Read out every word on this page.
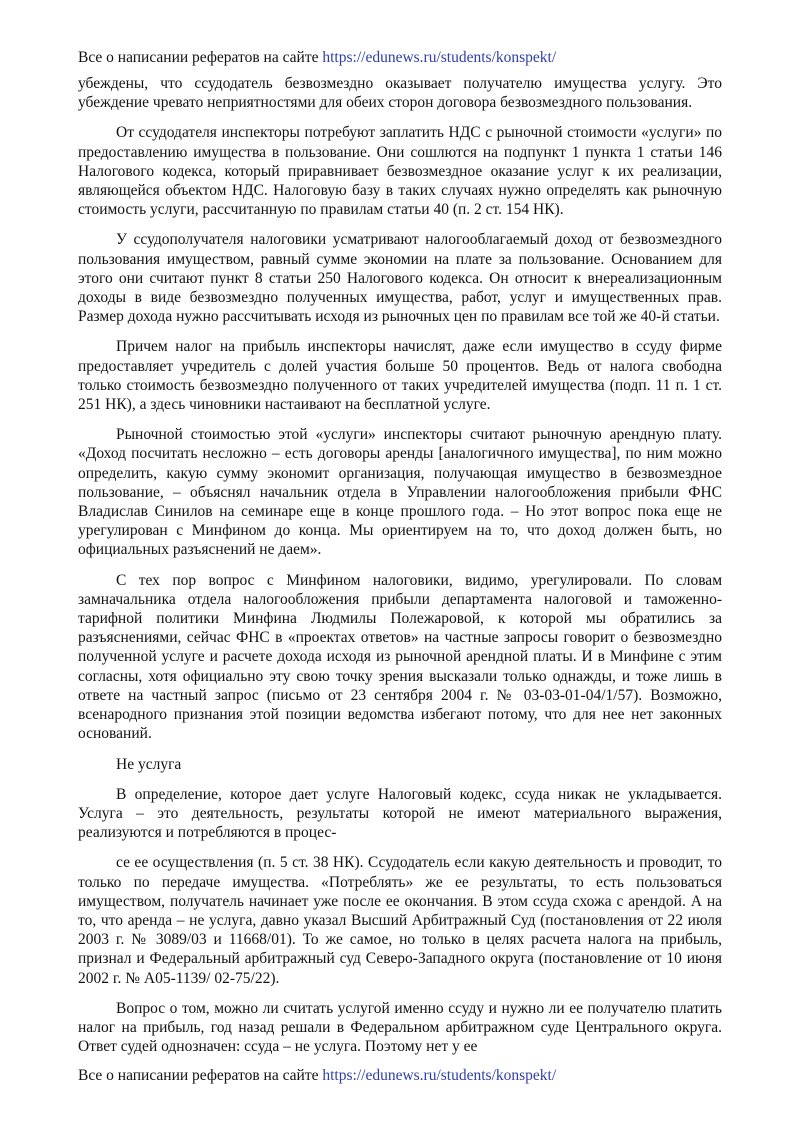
Все о написании рефератов на сайте https://edunews.ru/students/konspekt/

убеждены, что ссудодатель безвозмездно оказывает получателю имущества услугу. Это убеждение чревато неприятностями для обеих сторон договора безвозмездного пользования.

От ссудодателя инспекторы потребуют заплатить НДС с рыночной стоимости «услуги» по предоставлению имущества в пользование. Они сошлются на подпункт 1 пункта 1 статьи 146 Налогового кодекса, который приравнивает безвозмездное оказание услуг к их реализации, являющейся объектом НДС. Налоговую базу в таких случаях нужно определять как рыночную стоимость услуги, рассчитанную по правилам статьи 40 (п. 2 ст. 154 НК).

У ссудополучателя налоговики усматривают налогооблагаемый доход от безвозмездного пользования имуществом, равный сумме экономии на плате за пользование. Основанием для этого они считают пункт 8 статьи 250 Налогового кодекса. Он относит к внереализационным доходы в виде безвозмездно полученных имущества, работ, услуг и имущественных прав. Размер дохода нужно рассчитывать исходя из рыночных цен по правилам все той же 40-й статьи.

Причем налог на прибыль инспекторы начислят, даже если имущество в ссуду фирме предоставляет учредитель с долей участия больше 50 процентов. Ведь от налога свободна только стоимость безвозмездно полученного от таких учредителей имущества (подп. 11 п. 1 ст. 251 НК), а здесь чиновники настаивают на бесплатной услуге.

Рыночной стоимостью этой «услуги» инспекторы считают рыночную арендную плату. «Доход посчитать несложно – есть договоры аренды [аналогичного имущества], по ним можно определить, какую сумму экономит организация, получающая имущество в безвозмездное пользование, – объяснял начальник отдела в Управлении налогообложения прибыли ФНС Владислав Синилов на семинаре еще в конце прошлого года. – Но этот вопрос пока еще не урегулирован с Минфином до конца. Мы ориентируем на то, что доход должен быть, но официальных разъяснений не даем».

С тех пор вопрос с Минфином налоговики, видимо, урегулировали. По словам замначальника отдела налогообложения прибыли департамента налоговой и таможенно-тарифной политики Минфина Людмилы Полежаровой, к которой мы обратились за разъяснениями, сейчас ФНС в «проектах ответов» на частные запросы говорит о безвозмездно полученной услуге и расчете дохода исходя из рыночной арендной платы. И в Минфине с этим согласны, хотя официально эту свою точку зрения высказали только однажды, и тоже лишь в ответе на частный запрос (письмо от 23 сентября 2004 г. № 03-03-01-04/1/57). Возможно, всенародного признания этой позиции ведомства избегают потому, что для нее нет законных оснований.

Не услуга

В определение, которое дает услуге Налоговый кодекс, ссуда никак не укладывается. Услуга – это деятельность, результаты которой не имеют материального выражения, реализуются и потребляются в процес-

се ее осуществления (п. 5 ст. 38 НК). Ссудодатель если какую деятельность и проводит, то только по передаче имущества. «Потреблять» же ее результаты, то есть пользоваться имуществом, получатель начинает уже после ее окончания. В этом ссуда схожа с арендой. А на то, что аренда – не услуга, давно указал Высший Арбитражный Суд (постановления от 22 июля 2003 г. № 3089/03 и 11668/01). То же самое, но только в целях расчета налога на прибыль, признал и Федеральный арбитражный суд Северо-Западного округа (постановление от 10 июня 2002 г. № А05-1139/ 02-75/22).

Вопрос о том, можно ли считать услугой именно ссуду и нужно ли ее получателю платить налог на прибыль, год назад решали в Федеральном арбитражном суде Центрального округа. Ответ судей однозначен: ссуда – не услуга. Поэтому нет у ее

Все о написании рефератов на сайте https://edunews.ru/students/konspekt/
